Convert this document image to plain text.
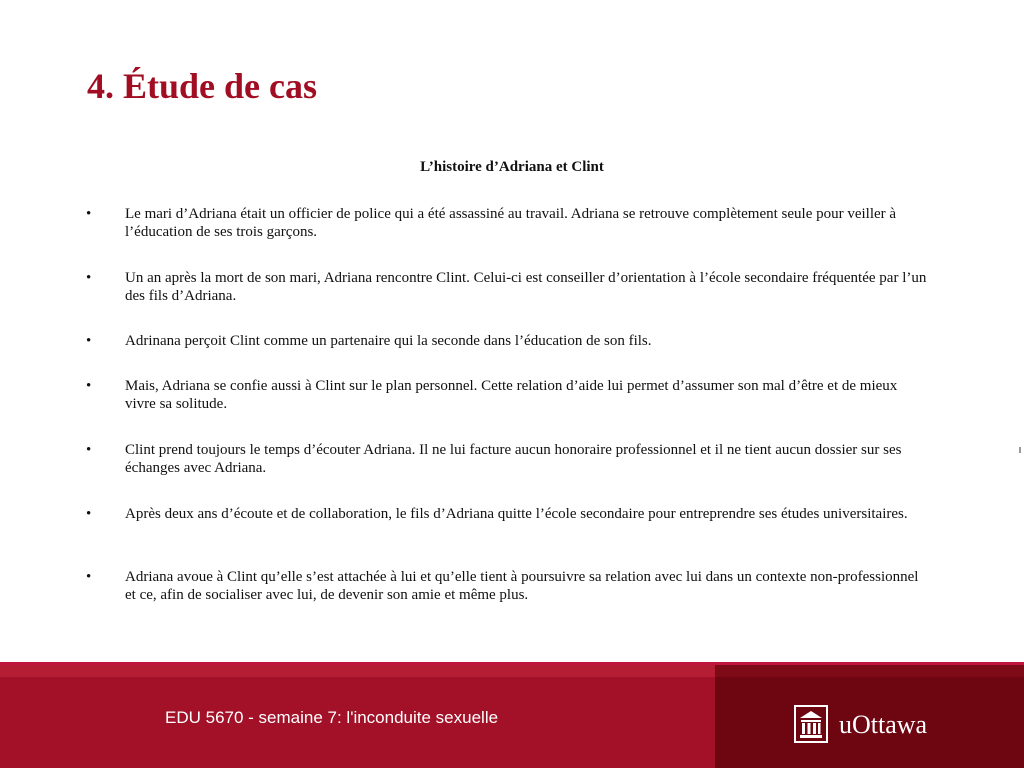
4. Étude de cas

L’histoire d’Adriana et Clint

• Le mari d’Adriana était un officier de police qui a été assassiné au travail. Adriana se retrouve complètement seule pour veiller à l’éducation de ses trois garçons.

• Un an après la mort de son mari, Adriana rencontre Clint. Celui-ci est conseiller d’orientation à l’école secondaire fréquentée par l’un des fils d’Adriana.

• Adrinana perçoit Clint comme un partenaire qui la seconde dans l’éducation de son fils.

• Mais, Adriana se confie aussi à Clint sur le plan personnel. Cette relation d’aide lui permet d’assumer son mal d’être et de mieux vivre sa solitude.

• Clint prend toujours le temps d’écouter Adriana. Il ne lui facture aucun honoraire professionnel et il ne tient aucun dossier sur ses échanges avec Adriana.

• Après deux ans d’écoute et de collaboration, le fils d’Adriana quitte l’école secondaire pour entreprendre ses études universitaires.

• Adriana avoue à Clint qu’elle s’est attachée à lui et qu’elle tient à poursuivre sa relation avec lui dans un contexte non-professionnel et ce, afin de socialiser avec lui, de devenir son amie et même plus.

EDU 5670 - semaine 7: l'inconduite sexuelle	uOttawa
